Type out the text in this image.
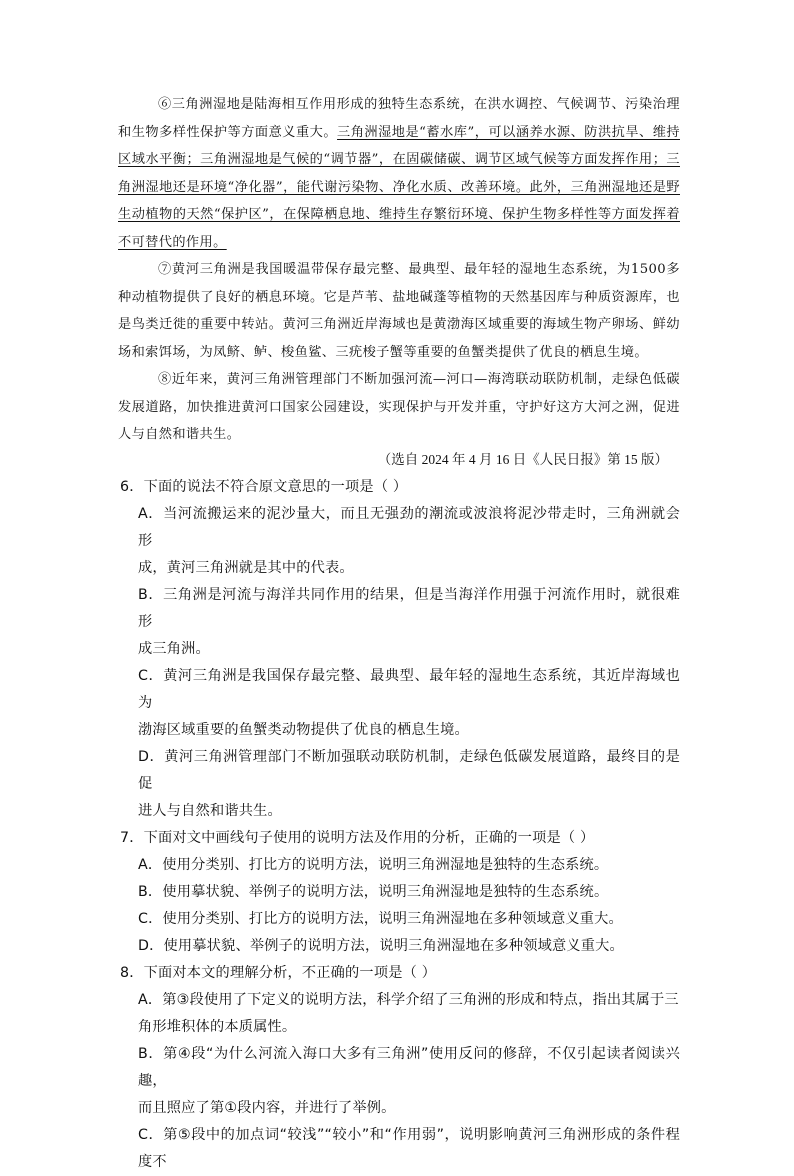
⑥三角洲湿地是陆海相互作用形成的独特生态系统，在洪水调控、气候调节、污染治理和生物多样性保护等方面意义重大。三角洲湿地是“蓄水库”，可以涵养水源、防洪抗旱、维持区域水平衡；三角洲湿地是气候的“调节器”，在固碳储碳、调节区域气候等方面发挥作用；三角洲湿地还是环境“净化器”，能代谢污染物、净化水质、改善环境。此外，三角洲湿地还是野生动植物的天然“保护区”，在保障栖息地、维持生存繁衍环境、保护生物多样性等方面发挥着不可替代的作用。

⑦黄河三角洲是我国暖温带保存最完整、最典型、最年轻的湿地生态系统，为1500多种动植物提供了良好的栖息环境。它是芦苇、盐地碱蓬等植物的天然基因库与种质资源库，也是鸟类迁徙的重要中转站。黄河三角洲近岸海域也是黄渤海区域重要的海域生物产卵场、鲜幼场和索饵场，为凤鲚、鲈、梭鱼鲨、三疣梭子蟹等重要的鱼蟹类提供了优良的栖息生境。

⑧近年来，黄河三角洲管理部门不断加强河流—河口—海湾联动联防机制，走绿色低碳发展道路，加快推进黄河口国家公园建设，实现保护与开发并重，守护好这方大河之洲，促进人与自然和谐共生。

（选自 2024 年 4 月 16 日《人民日报》第 15 版）

6．下面的说法不符合原文意思的一项是（ ）

A．当河流搬运来的泥沙量大，而且无强劲的潮流或波浪将泥沙带走时，三角洲就会形
成，黄河三角洲就是其中的代表。

B．三角洲是河流与海洋共同作用的结果，但是当海洋作用强于河流作用时，就很难形
成三角洲。

C．黄河三角洲是我国保存最完整、最典型、最年轻的湿地生态系统，其近岸海域也为
渤海区域重要的鱼蟹类动物提供了优良的栖息生境。

D．黄河三角洲管理部门不断加强联动联防机制，走绿色低碳发展道路，最终目的是促
进人与自然和谐共生。

7．下面对文中画线句子使用的说明方法及作用的分析，正确的一项是（ ）

A．使用分类别、打比方的说明方法，说明三角洲湿地是独特的生态系统。

B．使用摹状貌、举例子的说明方法，说明三角洲湿地是独特的生态系统。

C．使用分类别、打比方的说明方法，说明三角洲湿地在多种领域意义重大。

D．使用摹状貌、举例子的说明方法，说明三角洲湿地在多种领域意义重大。

8．下面对本文的理解分析，不正确的一项是（ ）

A．第③段使用了下定义的说明方法，科学介绍了三角洲的形成和特点，指出其属于三
角形堆积体的本质属性。

B．第④段“为什么河流入海口大多有三角洲”使用反问的修辞，不仅引起读者阅读兴趣，
而且照应了第①段内容，并进行了举例。

C．第⑤段中的加点词“较浅”“较小”和“作用弱”，说明影响黄河三角洲形成的条件程度不
